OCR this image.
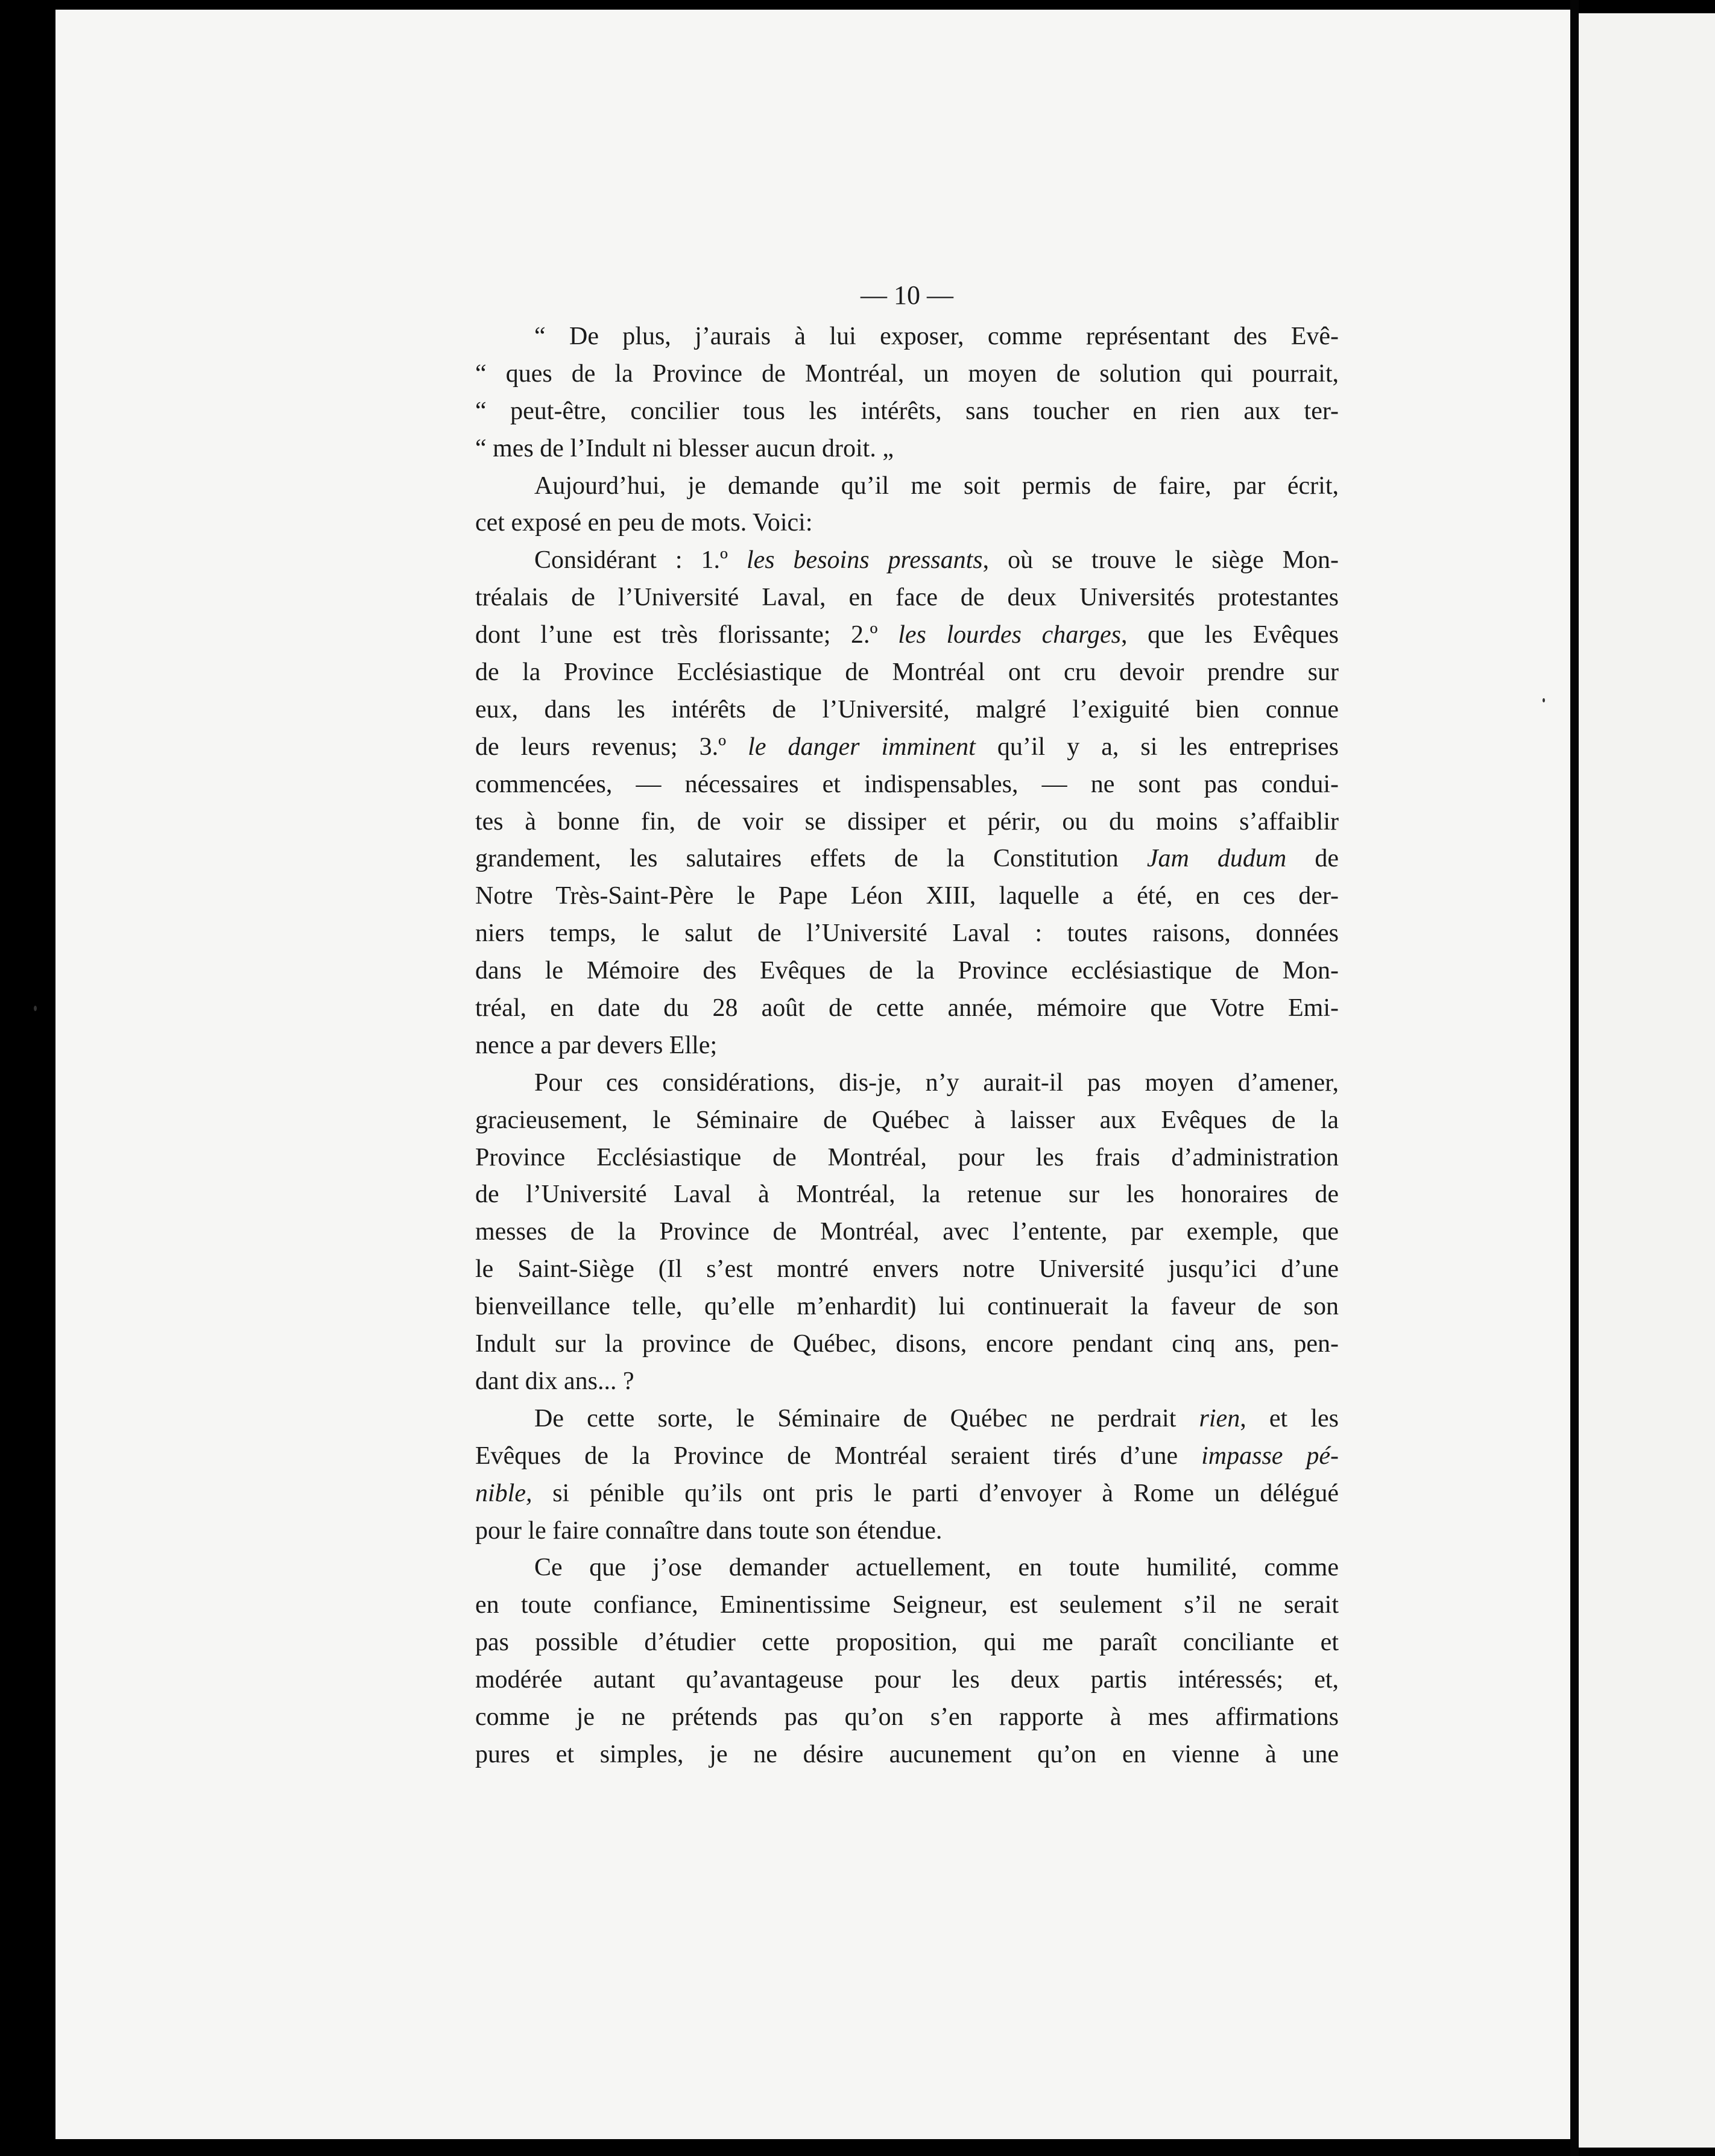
— 10 —
“ De plus, j’aurais à lui exposer, comme représentant des Evê-
“ ques de la Province de Montréal, un moyen de solution qui pourrait,
“ peut-être, concilier tous les intérêts, sans toucher en rien aux ter-
“ mes de l’Indult ni blesser aucun droit. „
Aujourd’hui, je demande qu’il me soit permis de faire, par écrit,
cet exposé en peu de mots. Voici:
Considérant : 1.º les besoins pressants, où se trouve le siège Mon-
tréalais de l’Université Laval, en face de deux Universités protestantes
dont l’une est très florissante; 2.º les lourdes charges, que les Evêques
de la Province Ecclésiastique de Montréal ont cru devoir prendre sur
eux, dans les intérêts de l’Université, malgré l’exiguité bien connue
de leurs revenus; 3.º le danger imminent qu’il y a, si les entreprises
commencées, — nécessaires et indispensables, — ne sont pas condui-
tes à bonne fin, de voir se dissiper et périr, ou du moins s’affaiblir
grandement, les salutaires effets de la Constitution Jam dudum de
Notre Très-Saint-Père le Pape Léon XIII, laquelle a été, en ces der-
niers temps, le salut de l’Université Laval : toutes raisons, données
dans le Mémoire des Evêques de la Province ecclésiastique de Mon-
tréal, en date du 28 août de cette année, mémoire que Votre Emi-
nence a par devers Elle;
Pour ces considérations, dis-je, n’y aurait-il pas moyen d’amener,
gracieusement, le Séminaire de Québec à laisser aux Evêques de la
Province Ecclésiastique de Montréal, pour les frais d’administration
de l’Université Laval à Montréal, la retenue sur les honoraires de
messes de la Province de Montréal, avec l’entente, par exemple, que
le Saint-Siège (Il s’est montré envers notre Université jusqu’ici d’une
bienveillance telle, qu’elle m’enhardit) lui continuerait la faveur de son
Indult sur la province de Québec, disons, encore pendant cinq ans, pen-
dant dix ans... ?
De cette sorte, le Séminaire de Québec ne perdrait rien, et les
Evêques de la Province de Montréal seraient tirés d’une impasse pé-
nible, si pénible qu’ils ont pris le parti d’envoyer à Rome un délégué
pour le faire connaître dans toute son étendue.
Ce que j’ose demander actuellement, en toute humilité, comme
en toute confiance, Eminentissime Seigneur, est seulement s’il ne serait
pas possible d’étudier cette proposition, qui me paraît conciliante et
modérée autant qu’avantageuse pour les deux partis intéressés; et,
comme je ne prétends pas qu’on s’en rapporte à mes affirmations
pures et simples, je ne désire aucunement qu’on en vienne à une
